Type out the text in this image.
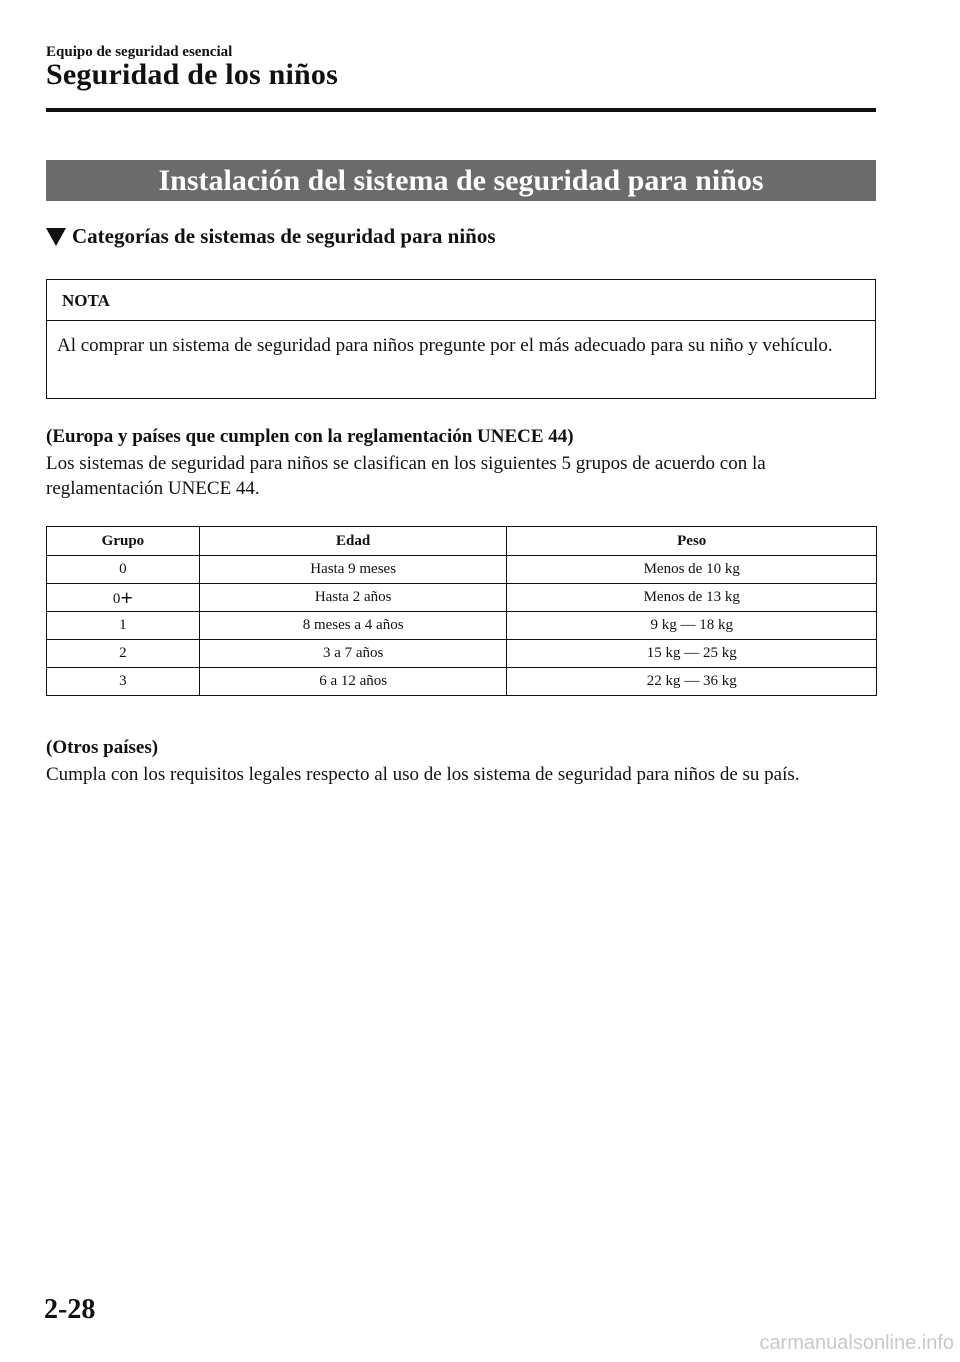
Equipo de seguridad esencial
Seguridad de los niños
Instalación del sistema de seguridad para niños
Categorías de sistemas de seguridad para niños
NOTA
Al comprar un sistema de seguridad para niños pregunte por el más adecuado para su niño y vehículo.
(Europa y países que cumplen con la reglamentación UNECE 44)
Los sistemas de seguridad para niños se clasifican en los siguientes 5 grupos de acuerdo con la reglamentación UNECE 44.
Grupo	Edad	Peso
0	Hasta 9 meses	Menos de 10 kg
0+	Hasta 2 años	Menos de 13 kg
1	8 meses a 4 años	9 kg — 18 kg
2	3 a 7 años	15 kg — 25 kg
3	6 a 12 años	22 kg — 36 kg
(Otros países)
Cumpla con los requisitos legales respecto al uso de los sistema de seguridad para niños de su país.
2-28
carmanualsonline.info
